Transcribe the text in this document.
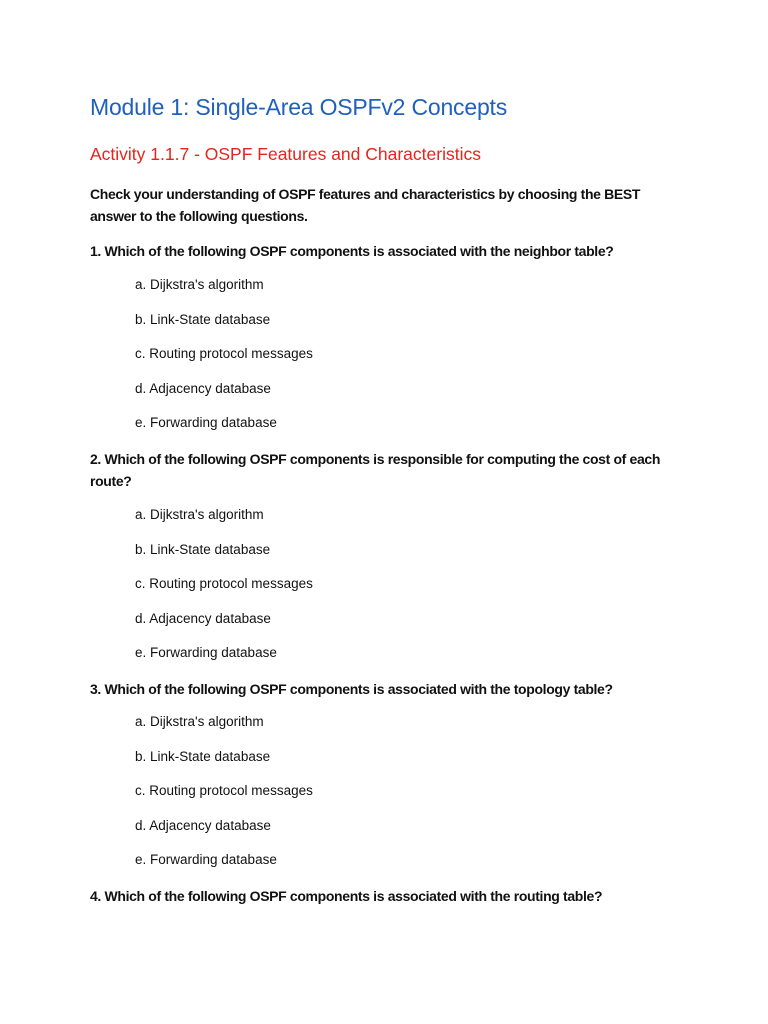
Module 1: Single-Area OSPFv2 Concepts
Activity 1.1.7 - OSPF Features and Characteristics

Check your understanding of OSPF features and characteristics by choosing the BEST answer to the following questions.

1. Which of the following OSPF components is associated with the neighbor table?

a. Dijkstra's algorithm

b. Link-State database

c. Routing protocol messages

d. Adjacency database

e. Forwarding database

2. Which of the following OSPF components is responsible for computing the cost of each route?

a. Dijkstra's algorithm

b. Link-State database

c. Routing protocol messages

d. Adjacency database

e. Forwarding database

3. Which of the following OSPF components is associated with the topology table?

a. Dijkstra's algorithm

b. Link-State database

c. Routing protocol messages

d. Adjacency database

e. Forwarding database

4. Which of the following OSPF components is associated with the routing table?
